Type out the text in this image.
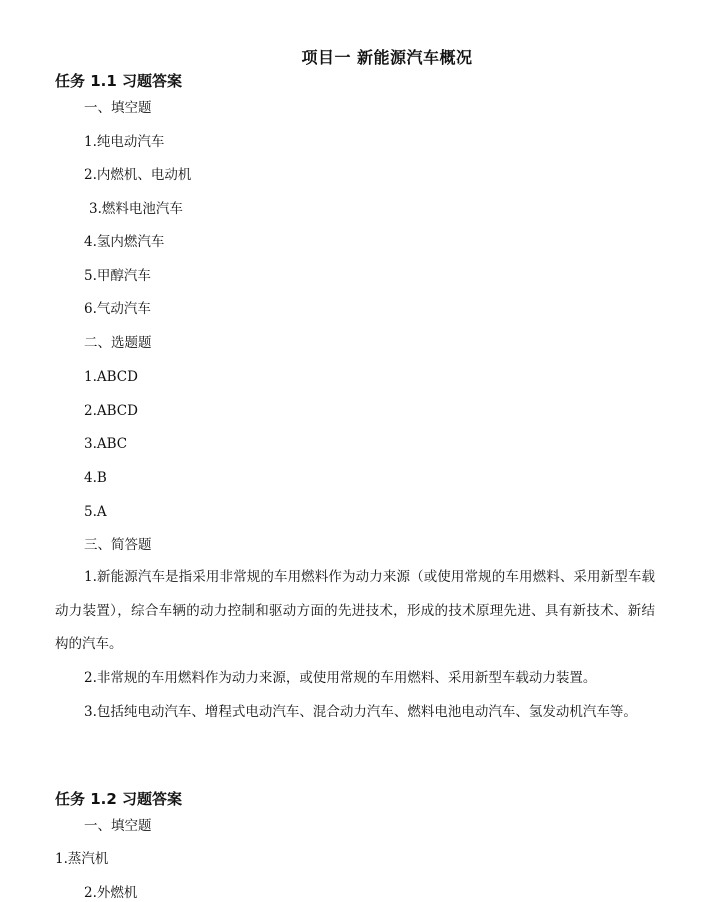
项目一 新能源汽车概况
任务 1.1 习题答案
一、填空题
1.纯电动汽车
2.内燃机、电动机
3.燃料电池汽车
4.氢内燃汽车
5.甲醇汽车
6.气动汽车
二、选题题
1.ABCD
2.ABCD
3.ABC
4.B
5.A
三、简答题
1.新能源汽车是指采用非常规的车用燃料作为动力来源（或使用常规的车用燃料、采用新型车载动力装置），综合车辆的动力控制和驱动方面的先进技术，形成的技术原理先进、具有新技术、新结构的汽车。
2.非常规的车用燃料作为动力来源，或使用常规的车用燃料、采用新型车载动力装置。
3.包括纯电动汽车、增程式电动汽车、混合动力汽车、燃料电池电动汽车、氢发动机汽车等。
任务 1.2 习题答案
一、填空题
1.蒸汽机
2.外燃机
